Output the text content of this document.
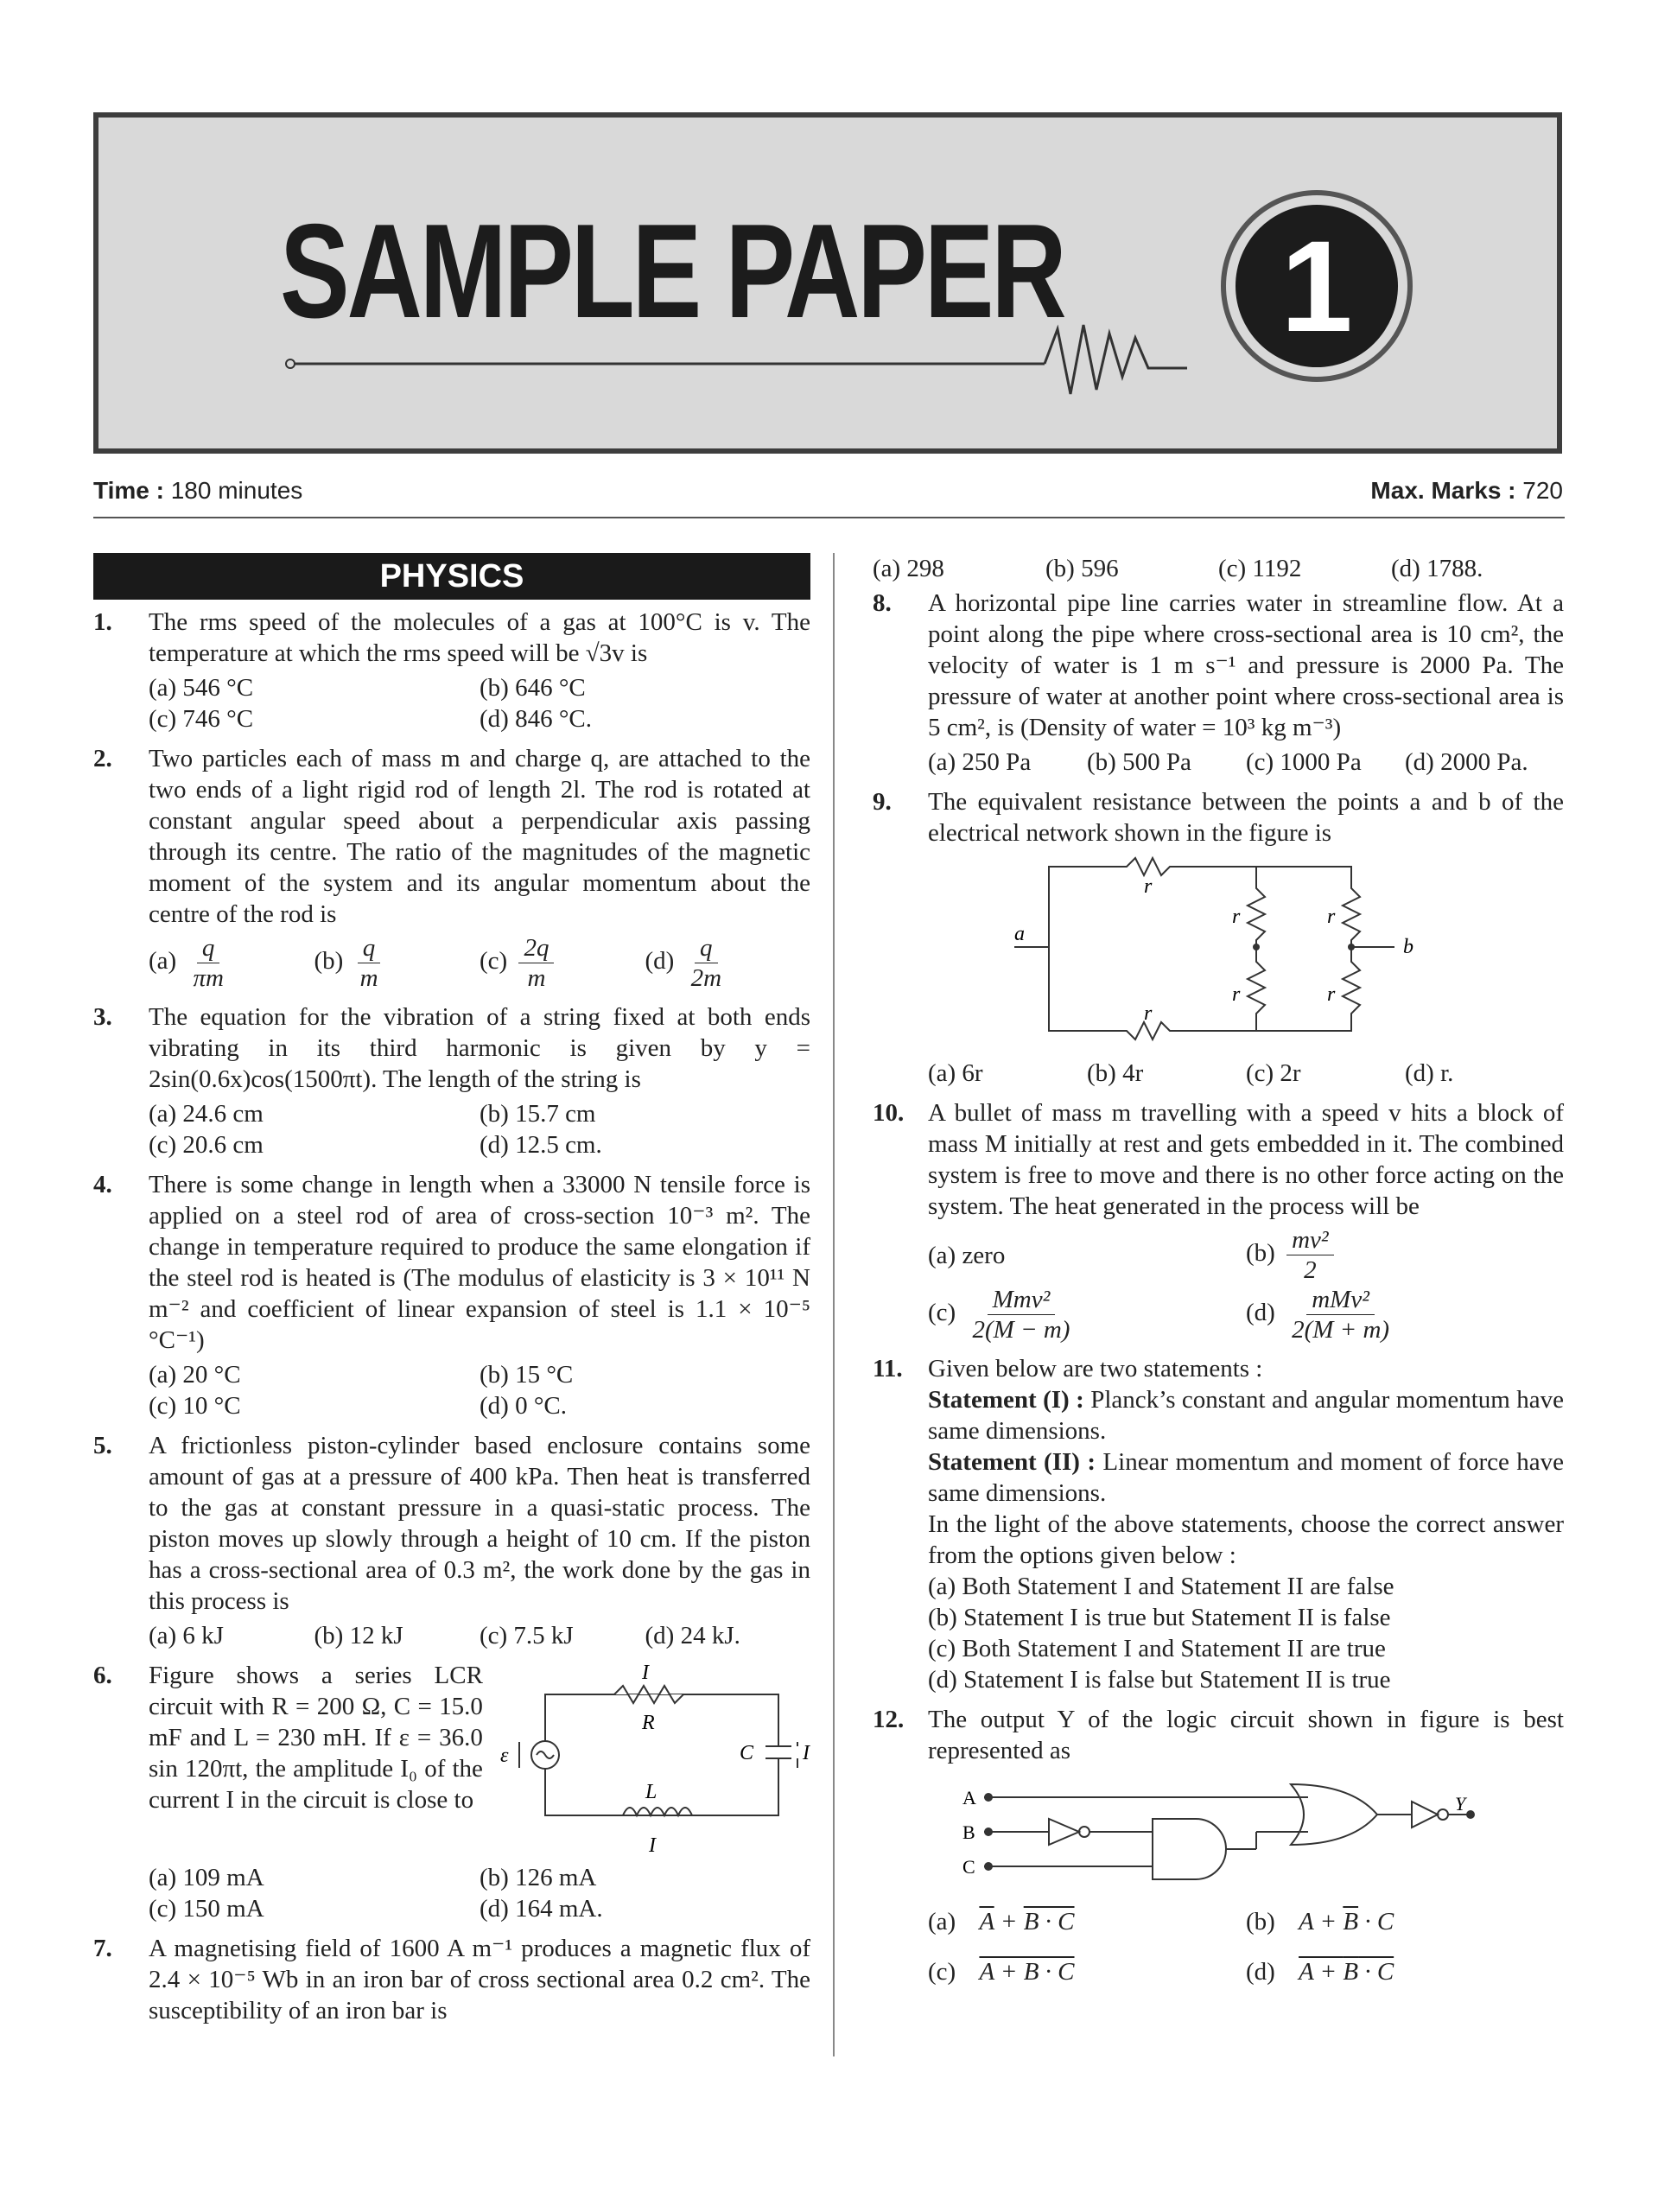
SAMPLE PAPER	1
Time : 180 minutes	Max. Marks : 720
PHYSICS
1. The rms speed of the molecules of a gas at 100°C is v. The temperature at which the rms speed will be √3v is
(a) 546 °C	(b) 646 °C
(c) 746 °C	(d) 846 °C.
2. Two particles each of mass m and charge q, are attached to the two ends of a light rigid rod of length 2l. The rod is rotated at constant angular speed about a perpendicular axis passing through its centre. The ratio of the magnitudes of the magnetic moment of the system and its angular momentum about the centre of the rod is
$(a) \frac{q}{\pi m}$	$(b) \frac{q}{m}$	$(c) \frac{2q}{m}$	$(d) \frac{q}{2m}$
3. The equation for the vibration of a string fixed at both ends vibrating in its third harmonic is given by y = 2sin(0.6x)cos(1500πt). The length of the string is
(a) 24.6 cm	(b) 15.7 cm
(c) 20.6 cm	(d) 12.5 cm.
4. There is some change in length when a 33000 N tensile force is applied on a steel rod of area of cross-section 10⁻³ m². The change in temperature required to produce the same elongation if the steel rod is heated is (The modulus of elasticity is 3 × 10¹¹ N m⁻² and coefficient of linear expansion of steel is 1.1 × 10⁻⁵ °C⁻¹)
(a) 20 °C	(b) 15 °C
(c) 10 °C	(d) 0 °C.
5. A frictionless piston-cylinder based enclosure contains some amount of gas at a pressure of 400 kPa. Then heat is transferred to the gas at constant pressure in a quasi-static process. The piston moves up slowly through a height of 10 cm. If the piston has a cross-sectional area of 0.3 m², the work done by the gas in this process is
(a) 6 kJ	(b) 12 kJ	(c) 7.5 kJ	(d) 24 kJ.
6. Figure shows a series LCR circuit with R = 200 Ω, C = 15.0 mF and L = 230 mH. If ε = 36.0 sin 120πt, the amplitude I₀ of the current I in the circuit is close to
I
R
L
I
C I
ε
(a) 109 mA	(b) 126 mA
(c) 150 mA	(d) 164 mA.
7. A magnetising field of 1600 A m⁻¹ produces a magnetic flux of 2.4 × 10⁻⁵ Wb in an iron bar of cross sectional area 0.2 cm². The susceptibility of an iron bar is
(a) 298	(b) 596	(c) 1192	(d) 1788.
8. A horizontal pipe line carries water in streamline flow. At a point along the pipe where cross-sectional area is 10 cm², the velocity of water is 1 m s⁻¹ and pressure is 2000 Pa. The pressure of water at another point where cross-sectional area is 5 cm², is (Density of water = 10³ kg m⁻³)
(a) 250 Pa	(b) 500 Pa	(c) 1000 Pa	(d) 2000 Pa.
9. The equivalent resistance between the points a and b of the electrical network shown in the figure is
r
r	r
r	r
r
a
b
(a) 6r	(b) 4r	(c) 2r	(d) r.
10. A bullet of mass m travelling with a speed v hits a block of mass M initially at rest and gets embedded in it. The combined system is free to move and there is no other force acting on the system. The heat generated in the process will be
(a) zero	$(b) \frac{\text{mv²}}{2}$
$(c) \frac{\text{Mmv²}}{2(M - m)}$	$(d) \frac{\text{mMv²}}{2(M + m)}$
11. Given below are two statements :
Statement (I) : Planck’s constant and angular momentum have same dimensions.
Statement (II) : Linear momentum and moment of force have same dimensions.
In the light of the above statements, choose the correct answer from the options given below :
(a) Both Statement I and Statement II are false
(b) Statement I is true but Statement II is false
(c) Both Statement I and Statement II are true
(d) Statement I is false but Statement II is true
12. The output Y of the logic circuit shown in figure is best represented as
A
B
C
Y
(a) $\overline{A} + B \cdot C$	(b) $A + \overline{B} \cdot C$
(c) A + B · C	(d) A + B · C
